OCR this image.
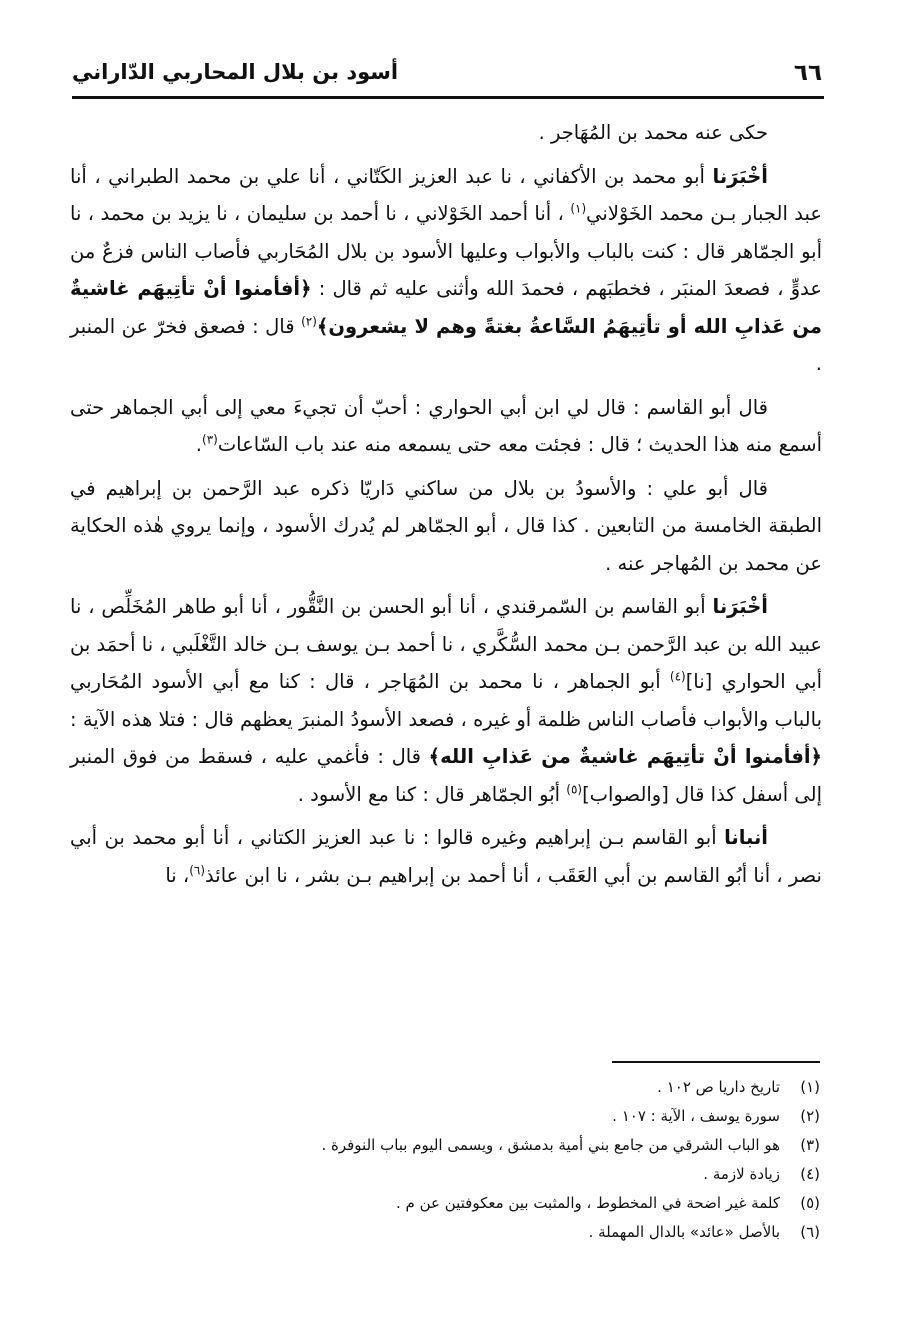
٦٦
أسود بن بلال المحاربي الدّاراني

حكى عنه محمد بن المُهَاجر .

أخْبَرَنا أبو محمد بن الأكفاني ، نا عبد العزيز الكَتّاني ، أنا علي بن محمد الطبراني ، أنا عبد الجبار بـن محمد الخَوْلاني$^{(١)}$ ، أنا أحمد الخَوْلاني ، نا أحمد بن سليمان ، نا يزيد بن محمد ، نا أبو الجمّاهر قال : كنت بالباب والأبواب وعليها الأسود بن بلال المُحَاربي فأصاب الناس فزعٌ من عدوٍّ ، فصعدَ المنبَر ، فخطبَهم ، فحمدَ الله وأثنى عليه ثم قال : ﴿أفأمنوا أنْ تأتِيهَم غاشيةٌ من عَذابِ الله أو تأتِيهَمُ السَّاعةُ بغتةً وهم لا يشعرون﴾$^{(٢)}$ قال : فصعق فخرّ عن المنبر .

قال أبو القاسم : قال لي ابن أبي الحواري : أحبّ أن تجيءَ معي إلى أبي الجماهر حتى أسمع منه هذا الحديث ؛ قال : فجئت معه حتى يسمعه منه عند باب السّاعات$^{(٣)}$.

قال أبو علي : والأسودُ بن بلال من ساكني دَاريّا ذكره عبد الرَّحمن بن إبراهيم في الطبقة الخامسة من التابعين . كذا قال ، أبو الجمّاهر لم يُدرك الأسود ، وإنما يروي هٰذه الحكاية عن محمد بن المُهاجر عنه .

أخْبَرَنا أبو القاسم بن السّمرقندي ، أنا أبو الحسن بن النَّقُّور ، أنا أبو طاهر المُخَلِّص ، نا عبيد الله بن عبد الرَّحمن بـن محمد السُّكَّري ، نا أحمد بـن يوسف بـن خالد التَّغْلَبي ، نا أحمَد بن أبي الحواري [نا]$^{(٤)}$ أبو الجماهر ، نا محمد بن المُهَاجر ، قال : كنا مع أبي الأسود المُحَاربي بالباب والأبواب فأصاب الناس ظلمة أو غيره ، فصعد الأسودُ المنبرَ يعظهم قال : فتلا هذه الآية : ﴿أفأمنوا أنْ تأتِيهَم غاشيةٌ من عَذابِ الله﴾ قال : فأغمي عليه ، فسقط من فوق المنبر إلى أسفل كذا قال [والصواب]$^{(٥)}$ أبُو الجمّاهر قال : كنا مع الأسود .

أنبانا أبو القاسم بـن إبراهيم وغيره قالوا : نا عبد العزيز الكتاني ، أنا أبو محمد بن أبي نصر ، أنا أبُو القاسم بن أبي العَقَب ، أنا أحمد بن إبراهيم بـن بشر ، نا ابن عائذ$^{(٦)}$، نا

(١)
تاريخ داريا ص ١٠٢ .
(٢)
سورة يوسف ، الآية : ١٠٧ .
(٣)
هو الباب الشرقي من جامع بني أمية بدمشق ، ويسمى اليوم بباب النوفرة .
(٤)
زيادة لازمة .
(٥)
كلمة غير اضحة في المخطوط ، والمثبت بين معكوفتين عن م .
(٦)
بالأصل «عائد» بالدال المهملة .
